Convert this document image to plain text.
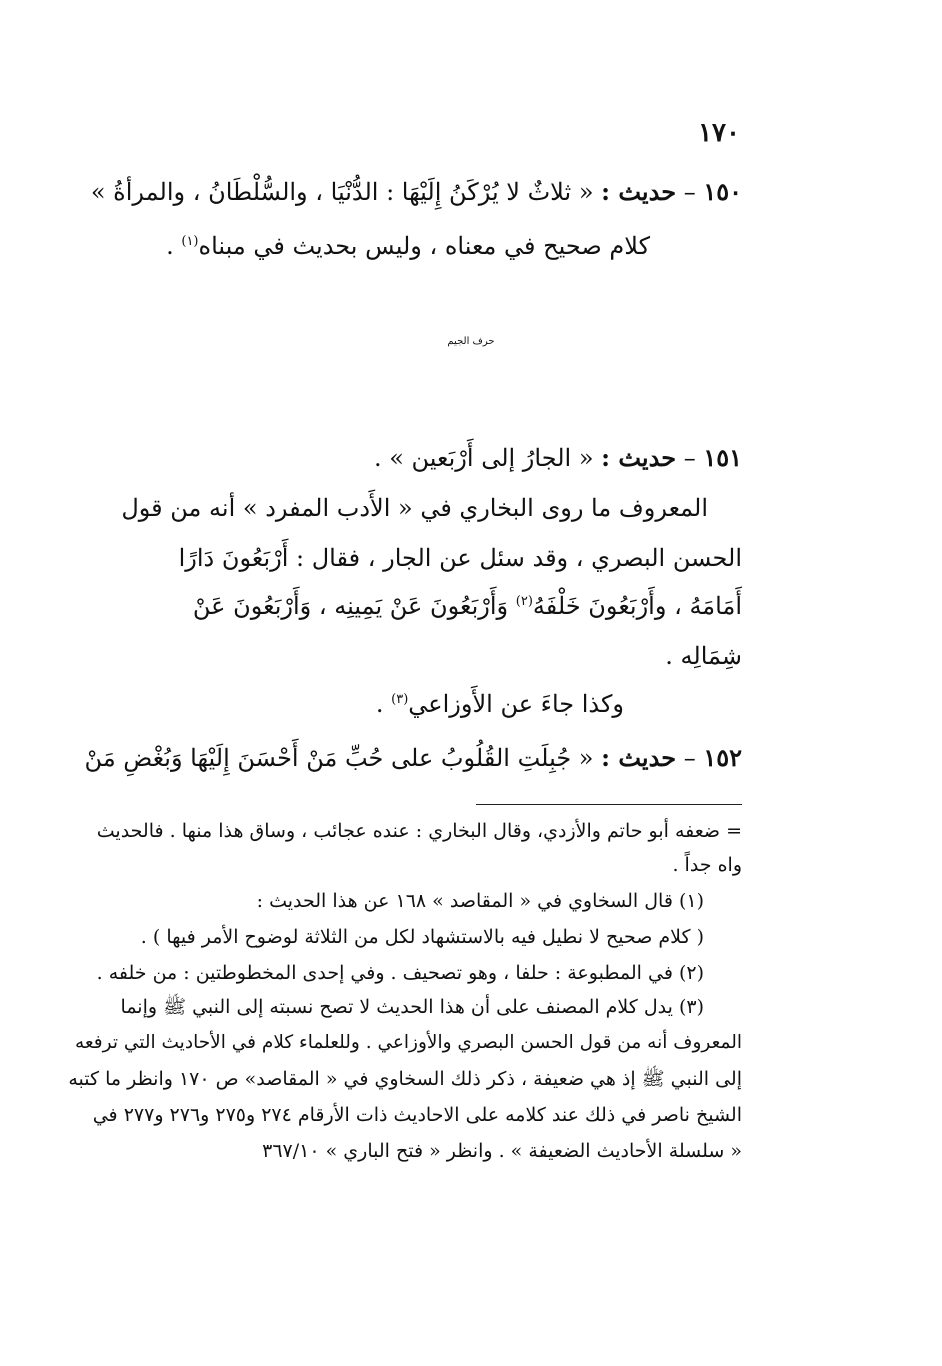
١٧٠
١٥٠ – حديث : « ثلاثٌ لا يُرْكَنُ إِلَيْهَا : الدُّنْيَا ، والسُّلْطَانُ ، والمرأةُ »
كلام صحيح في معناه ، وليس بحديث في مبناه$^{(١)}$ .
حرف الجيم
١٥١ – حديث : « الجارُ إلى أَرْبَعين » .
المعروف ما روى البخاري في « الأَدب المفرد » أنه من قول
الحسن البصري ، وقد سئل عن الجار ، فقال : أَرْبَعُونَ دَارًا
أَمَامَهُ ، وأَرْبَعُونَ خَلْفَهُ$^{(٢)}$ وَأَرْبَعُونَ عَنْ يَمِينِه ، وَأَرْبَعُونَ عَنْ
شِمَالِه .
وكذا جاءَ عن الأَوزاعي$^{(٣)}$ .
١٥٢ – حديث : « جُبِلَتِ القُلُوبُ على حُبِّ مَنْ أَحْسَنَ إِلَيْهَا وَبُغْضِ مَنْ
= ضعفه أبو حاتم والأزدي، وقال البخاري : عنده عجائب ، وساق هذا منها . فالحديث
واه جداً .
(١) قال السخاوي في « المقاصد » ١٦٨ عن هذا الحديث :
( كلام صحيح لا نطيل فيه بالاستشهاد لكل من الثلاثة لوضوح الأمر فيها ) .
(٢) في المطبوعة : حلفا ، وهو تصحيف . وفي إحدى المخطوطتين : من خلفه .
(٣) يدل كلام المصنف على أن هذا الحديث لا تصح نسبته إلى النبي ﷺ وإنما
المعروف أنه من قول الحسن البصري والأوزاعي . وللعلماء كلام في الأحاديث التي ترفعه
إلى النبي ﷺ إذ هي ضعيفة ، ذكر ذلك السخاوي في « المقاصد» ص ١٧٠ وانظر ما كتبه
الشيخ ناصر في ذلك عند كلامه على الاحاديث ذات الأرقام ٢٧٤ و٢٧٥ و٢٧٦ و٢٧٧ في
« سلسلة الأحاديث الضعيفة » . وانظر « فتح الباري » ٣٦٧/١٠
